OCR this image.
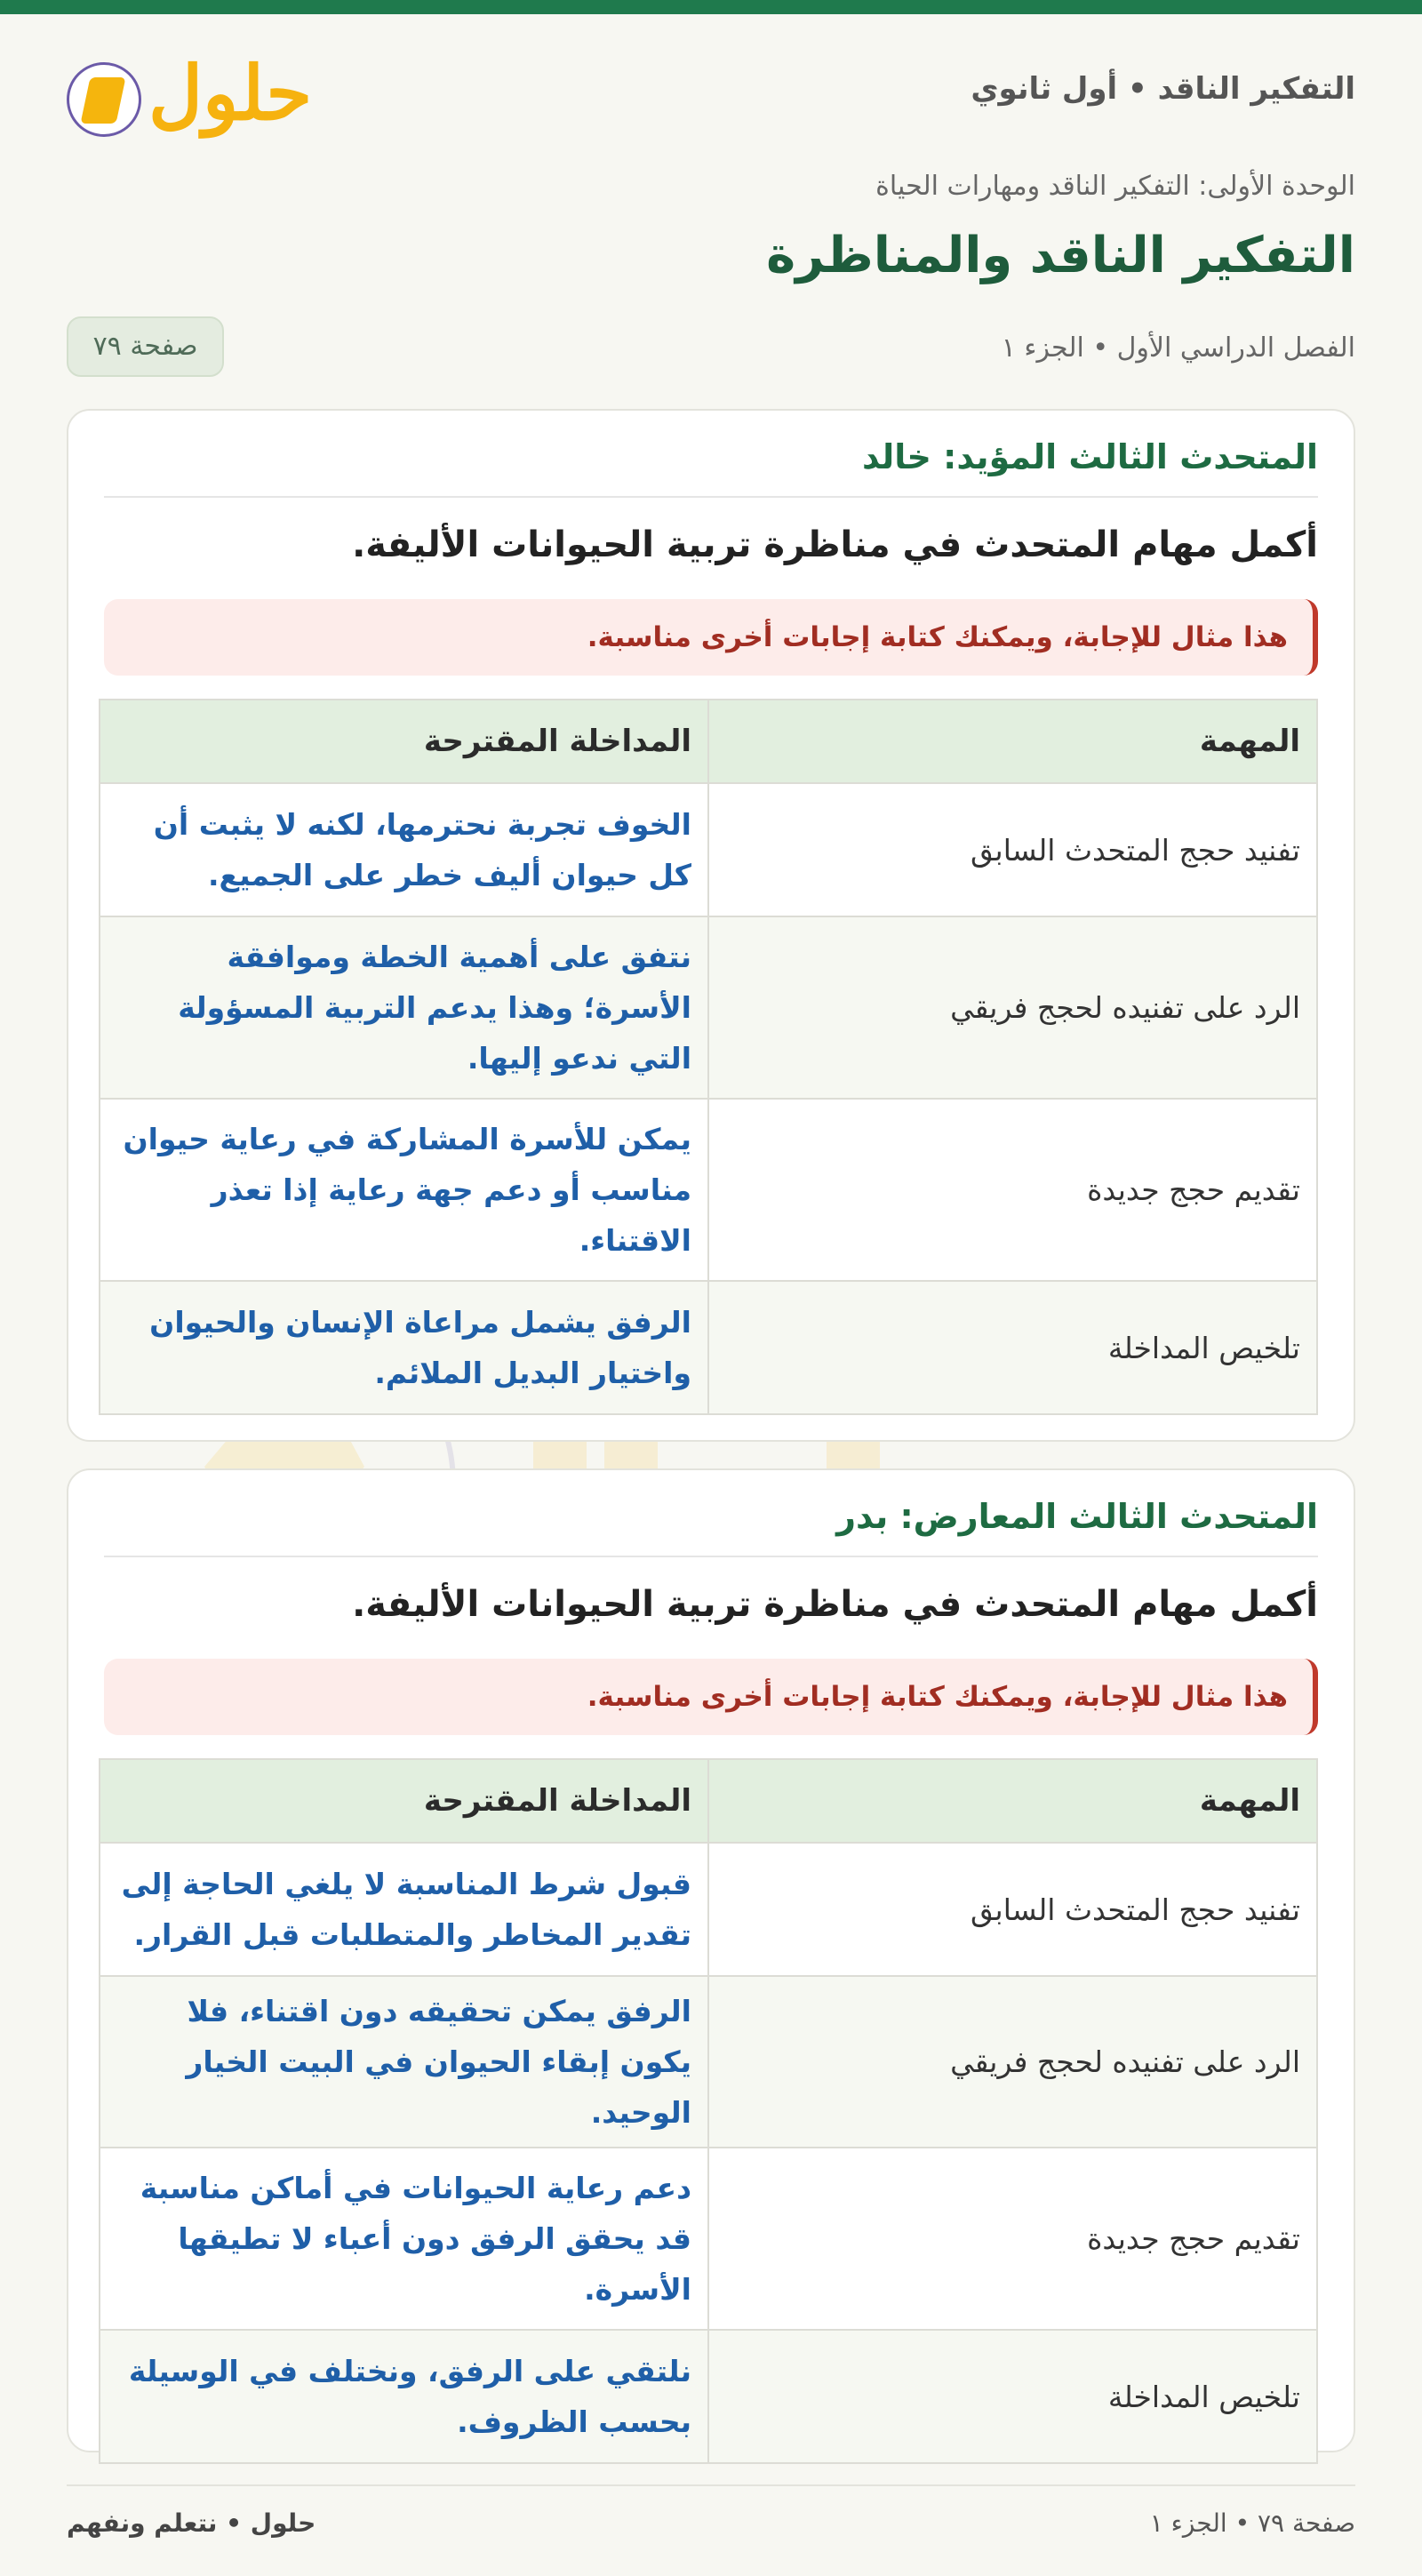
التفكير الناقد • أول ثانوي
حلول
الوحدة الأولى: التفكير الناقد ومهارات الحياة
التفكير الناقد والمناظرة
الفصل الدراسي الأول • الجزء ١
صفحة ٧٩
المتحدث الثالث المؤيد: خالد
أكمل مهام المتحدث في مناظرة تربية الحيوانات الأليفة.
هذا مثال للإجابة، ويمكنك كتابة إجابات أخرى مناسبة.
المهمة	المداخلة المقترحة
تفنيد حجج المتحدث السابق	الخوف تجربة نحترمها، لكنه لا يثبت أن كل حيوان أليف خطر على الجميع.
الرد على تفنيده لحجج فريقي	نتفق على أهمية الخطة وموافقة الأسرة؛ وهذا يدعم التربية المسؤولة التي ندعو إليها.
تقديم حجج جديدة	يمكن للأسرة المشاركة في رعاية حيوان مناسب أو دعم جهة رعاية إذا تعذر الاقتناء.
تلخيص المداخلة	الرفق يشمل مراعاة الإنسان والحيوان واختيار البديل الملائم.
المتحدث الثالث المعارض: بدر
أكمل مهام المتحدث في مناظرة تربية الحيوانات الأليفة.
هذا مثال للإجابة، ويمكنك كتابة إجابات أخرى مناسبة.
المهمة	المداخلة المقترحة
تفنيد حجج المتحدث السابق	قبول شرط المناسبة لا يلغي الحاجة إلى تقدير المخاطر والمتطلبات قبل القرار.
الرد على تفنيده لحجج فريقي	الرفق يمكن تحقيقه دون اقتناء، فلا يكون إبقاء الحيوان في البيت الخيار الوحيد.
تقديم حجج جديدة	دعم رعاية الحيوانات في أماكن مناسبة قد يحقق الرفق دون أعباء لا تطيقها الأسرة.
تلخيص المداخلة	نلتقي على الرفق، ونختلف في الوسيلة بحسب الظروف.
صفحة ٧٩ • الجزء ١
حلول • نتعلم ونفهم
